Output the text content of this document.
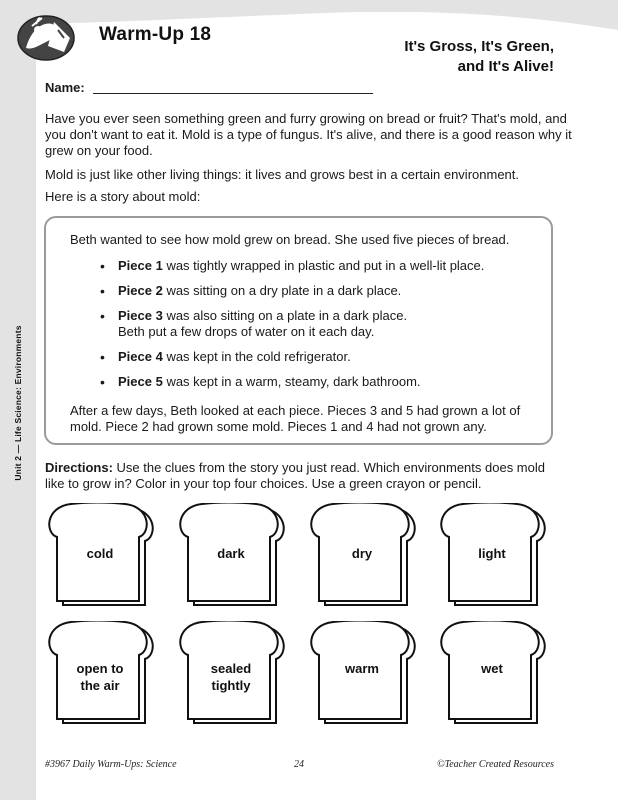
Unit 2 — Life Science: Environments
Warm-Up 18
It's Gross, It's Green,
and It's Alive!
Name:
Have you ever seen something green and furry growing on bread or fruit? That's mold, and you don't want to eat it. Mold is a type of fungus. It's alive, and there is a good reason why it grew on your food.
Mold is just like other living things: it lives and grows best in a certain environment.
Here is a story about mold:
Beth wanted to see how mold grew on bread. She used five pieces of bread.
• Piece 1 was tightly wrapped in plastic and put in a well-lit place.
• Piece 2 was sitting on a dry plate in a dark place.
• Piece 3 was also sitting on a plate in a dark place.
Beth put a few drops of water on it each day.
• Piece 4 was kept in the cold refrigerator.
• Piece 5 was kept in a warm, steamy, dark bathroom.
After a few days, Beth looked at each piece. Pieces 3 and 5 had grown a lot of mold. Piece 2 had grown some mold. Pieces 1 and 4 had not grown any.
Directions: Use the clues from the story you just read. Which environments does mold like to grow in? Color in your top four choices. Use a green crayon or pencil.
cold	dark	dry	light
open to
the air
sealed
tightly
warm	wet
#3967 Daily Warm-Ups: Science	24	©Teacher Created Resources
